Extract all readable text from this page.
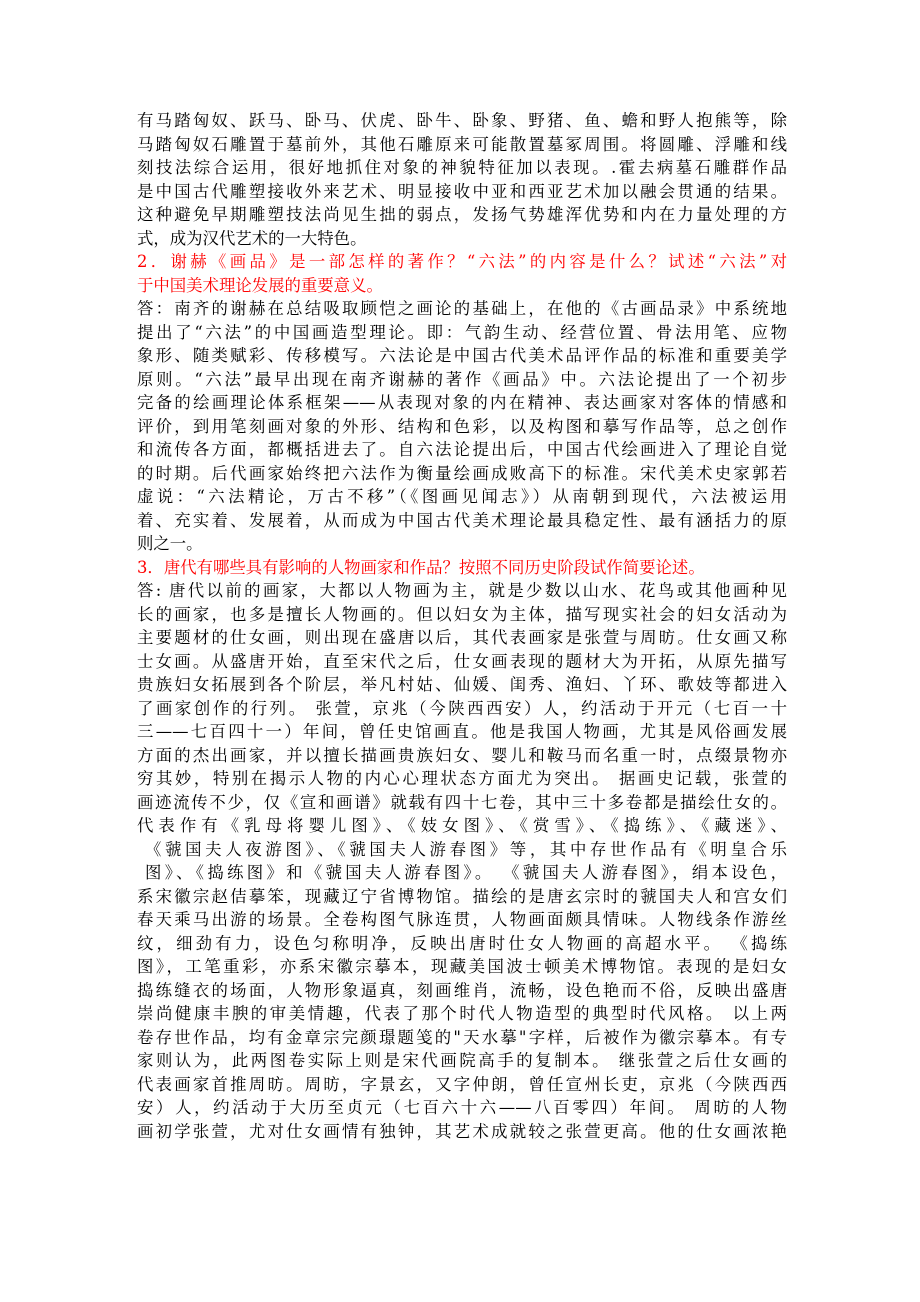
有马踏匈奴、跃马、卧马、伏虎、卧牛、卧象、野猪、鱼、蟾和野人抱熊等，除
马踏匈奴石雕置于墓前外，其他石雕原来可能散置墓冢周围。将圆雕、浮雕和线
刻技法综合运用，很好地抓住对象的神貌特征加以表现。.霍去病墓石雕群作品
是中国古代雕塑接收外来艺术、明显接收中亚和西亚艺术加以融会贯通的结果。
这种避免早期雕塑技法尚见生拙的弱点，发扬气势雄浑优势和内在力量处理的方
式，成为汉代艺术的一大特色。
2．谢赫《画品》是一部怎样的著作？“六法”的内容是什么？试述“六法”对
于中国美术理论发展的重要意义。
答：南齐的谢赫在总结吸取顾恺之画论的基础上，在他的《古画品录》中系统地
提出了“六法”的中国画造型理论。即：气韵生动、经营位置、骨法用笔、应物
象形、随类赋彩、传移模写。六法论是中国古代美术品评作品的标准和重要美学
原则。“六法”最早出现在南齐谢赫的著作《画品》中。六法论提出了一个初步
完备的绘画理论体系框架——从表现对象的内在精神、表达画家对客体的情感和
评价，到用笔刻画对象的外形、结构和色彩，以及构图和摹写作品等，总之创作
和流传各方面，都概括进去了。自六法论提出后，中国古代绘画进入了理论自觉
的时期。后代画家始终把六法作为衡量绘画成败高下的标准。宋代美术史家郭若
虚说：“六法精论，万古不移”（《图画见闻志》）从南朝到现代，六法被运用
着、充实着、发展着，从而成为中国古代美术理论最具稳定性、最有涵括力的原
则之一。
3．唐代有哪些具有影响的人物画家和作品？按照不同历史阶段试作简要论述。
答: 唐代以前的画家，大都以人物画为主，就是少数以山水、花鸟或其他画种见
长的画家，也多是擅长人物画的。但以妇女为主体，描写现实社会的妇女活动为
主要题材的仕女画，则出现在盛唐以后，其代表画家是张萱与周昉。仕女画又称
士女画。从盛唐开始，直至宋代之后，仕女画表现的题材大为开拓，从原先描写
贵族妇女拓展到各个阶层，举凡村姑、仙媛、闺秀、渔妇、丫环、歌妓等都进入
了画家创作的行列。 张萱，京兆（今陕西西安）人，约活动于开元（七百一十
三——七百四十一）年间，曾任史馆画直。他是我国人物画，尤其是风俗画发展
方面的杰出画家，并以擅长描画贵族妇女、婴儿和鞍马而名重一时，点缀景物亦
穷其妙，特别在揭示人物的内心心理状态方面尤为突出。 据画史记载，张萱的
画迹流传不少，仅《宣和画谱》就载有四十七卷，其中三十多卷都是描绘仕女的。
代表作有《乳母将婴儿图》、《妓女图》、《赏雪》、《捣练》、《藏迷》、
《虢国夫人夜游图》、《虢国夫人游春图》等，其中存世作品有《明皇合乐
图》、《捣练图》和《虢国夫人游春图》。 《虢国夫人游春图》，绢本设色，
系宋徽宗赵佶摹笨，现藏辽宁省博物馆。描绘的是唐玄宗时的虢国夫人和宫女们
春天乘马出游的场景。全卷构图气脉连贯，人物画面颇具情味。人物线条作游丝
纹，细劲有力，设色匀称明净，反映出唐时仕女人物画的高超水平。 《捣练
图》，工笔重彩，亦系宋徽宗摹本，现藏美国波士顿美术博物馆。表现的是妇女
捣练缝衣的场面，人物形象逼真，刻画维肖，流畅，设色艳而不俗，反映出盛唐
崇尚健康丰腴的审美情趣，代表了那个时代人物造型的典型时代风格。 以上两
卷存世作品，均有金章宗完颜璟题笺的"天水摹"字样，后被作为徽宗摹本。有专
家则认为，此两图卷实际上则是宋代画院高手的复制本。 继张萱之后仕女画的
代表画家首推周昉。周昉，字景玄，又字仲朗，曾任宣州长吏，京兆（今陕西西
安）人，约活动于大历至贞元（七百六十六——八百零四）年间。 周昉的人物
画初学张萱，尤对仕女画情有独钟，其艺术成就较之张萱更高。他的仕女画浓艳
